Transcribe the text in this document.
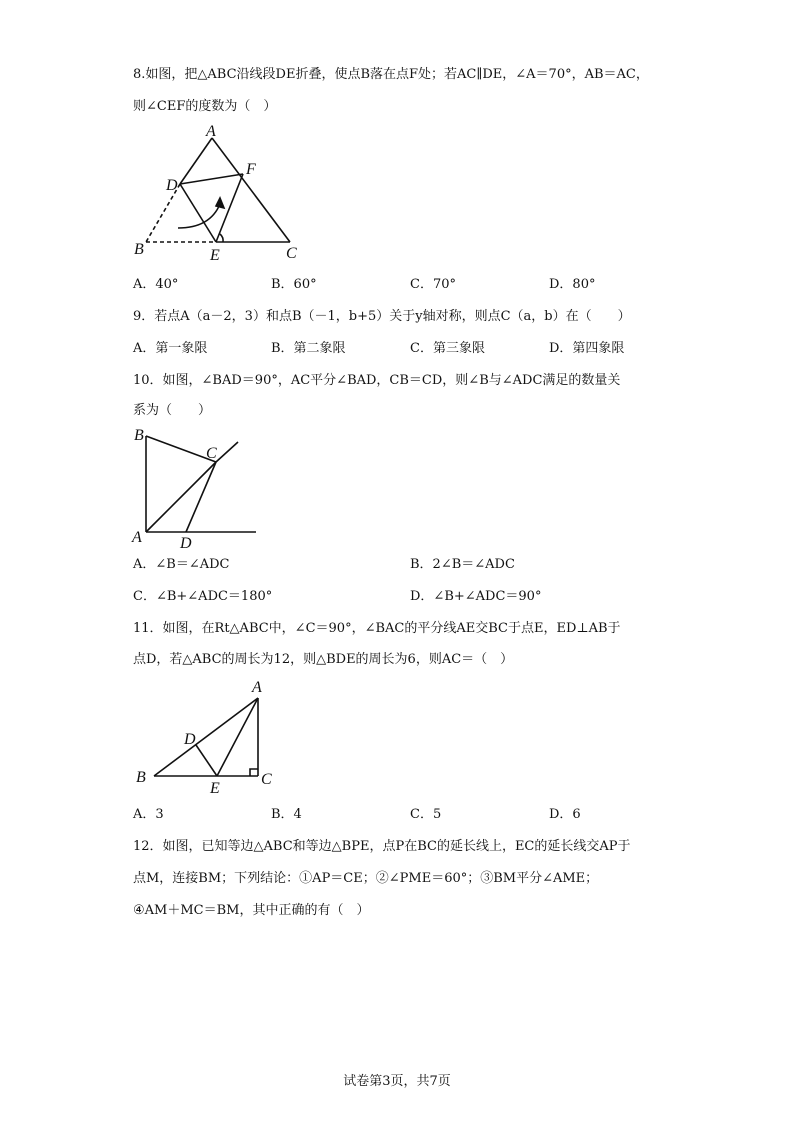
8.如图，把△ABC沿线段DE折叠，使点B落在点F处；若AC∥DE，∠A＝70°，AB＝AC，
则∠CEF的度数为（　）
A
D
F
B	E	C
A．40°	B．60°	C．70°	D．80°
9．若点A（a－2，3）和点B（－1，b+5）关于y轴对称，则点C（a，b）在（　　）
A．第一象限	B．第二象限	C．第三象限	D．第四象限
10．如图，∠BAD＝90°，AC平分∠BAD，CB＝CD，则∠B与∠ADC满足的数量关
系为（　　）
B
C
A D
A．∠B＝∠ADC	B．2∠B＝∠ADC
C．∠B+∠ADC＝180°	D．∠B+∠ADC＝90°
11．如图，在Rt△ABC中，∠C＝90°，∠BAC的平分线AE交BC于点E，ED⊥AB于
点D，若△ABC的周长为12，则△BDE的周长为6，则AC＝（　）
A
D
B
E
C
A．3	B．4	C．5	D．6
12．如图，已知等边△ABC和等边△BPE，点P在BC的延长线上，EC的延长线交AP于
点M，连接BM；下列结论：①AP＝CE；②∠PME＝60°；③BM平分∠AME；
④AM＋MC＝BM，其中正确的有（　）
试卷第3页，共7页
